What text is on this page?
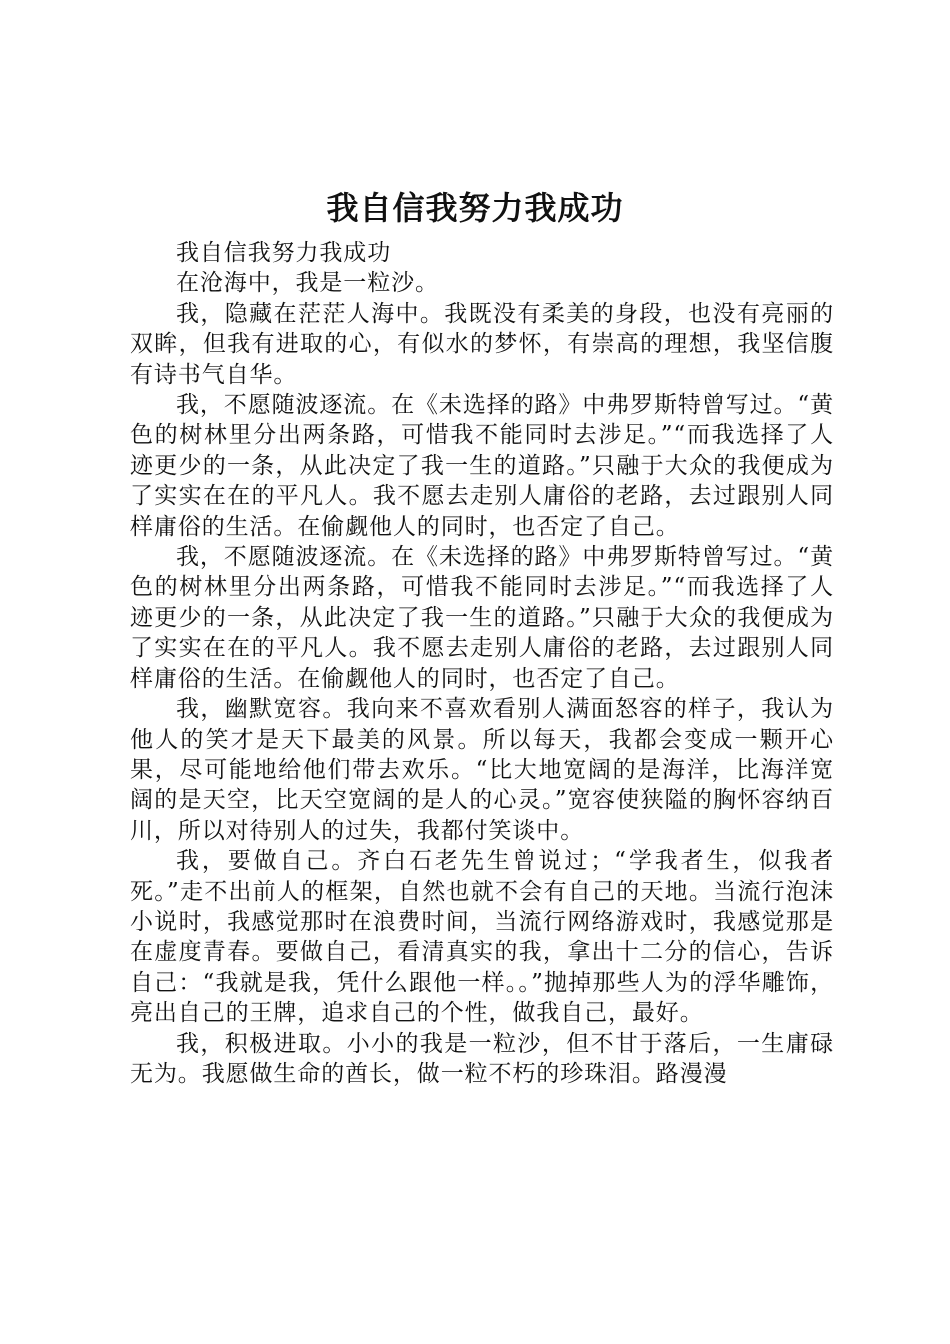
我自信我努力我成功

我自信我努力我成功

在沧海中，我是一粒沙。

我，隐藏在茫茫人海中。我既没有柔美的身段，也没有亮丽的双眸，但我有进取的心，有似水的梦怀，有崇高的理想，我坚信腹有诗书气自华。

我，不愿随波逐流。在《未选择的路》中弗罗斯特曾写过。“黄色的树林里分出两条路，可惜我不能同时去涉足。”“而我选择了人迹更少的一条，从此决定了我一生的道路。”只融于大众的我便成为了实实在在的平凡人。我不愿去走别人庸俗的老路，去过跟别人同样庸俗的生活。在偷觑他人的同时，也否定了自己。

我，不愿随波逐流。在《未选择的路》中弗罗斯特曾写过。“黄色的树林里分出两条路，可惜我不能同时去涉足。”“而我选择了人迹更少的一条，从此决定了我一生的道路。”只融于大众的我便成为了实实在在的平凡人。我不愿去走别人庸俗的老路，去过跟别人同样庸俗的生活。在偷觑他人的同时，也否定了自己。

我，幽默宽容。我向来不喜欢看别人满面怒容的样子，我认为他人的笑才是天下最美的风景。所以每天，我都会变成一颗开心果，尽可能地给他们带去欢乐。“比大地宽阔的是海洋，比海洋宽阔的是天空，比天空宽阔的是人的心灵。”宽容使狭隘的胸怀容纳百川，所以对待别人的过失，我都付笑谈中。

我，要做自己。齐白石老先生曾说过；“学我者生，似我者死。”走不出前人的框架，自然也就不会有自己的天地。当流行泡沫小说时，我感觉那时在浪费时间，当流行网络游戏时，我感觉那是在虚度青春。要做自己，看清真实的我，拿出十二分的信心，告诉自己：“我就是我，凭什么跟他一样。。”抛掉那些人为的浮华雕饰，亮出自己的王牌，追求自己的个性，做我自己，最好。

我，积极进取。小小的我是一粒沙，但不甘于落后，一生庸碌无为。我愿做生命的酋长，做一粒不朽的珍珠泪。路漫漫
